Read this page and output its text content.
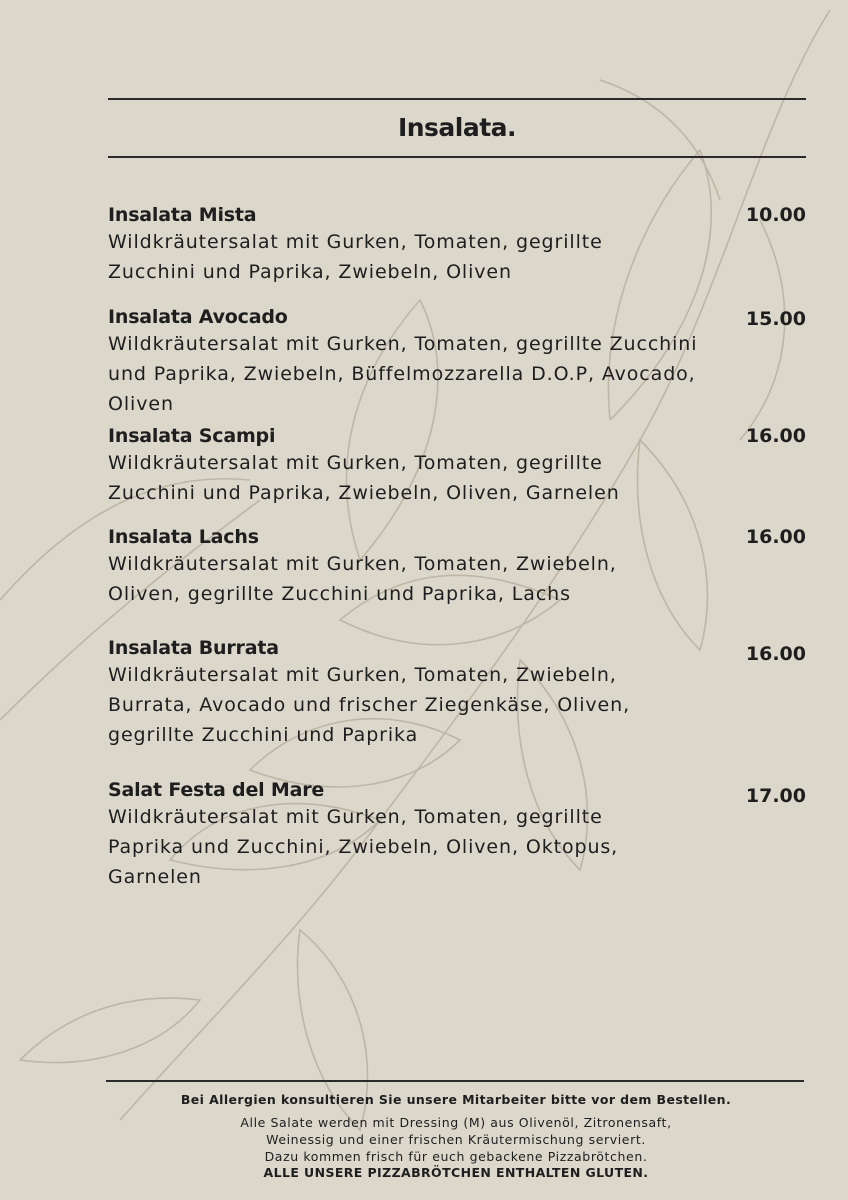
Insalata.
Insalata Mista	10.00
Wildkräutersalat mit Gurken, Tomaten, gegrillte
Zucchini und Paprika, Zwiebeln, Oliven
Insalata Avocado	15.00
Wildkräutersalat mit Gurken, Tomaten, gegrillte Zucchini
und Paprika, Zwiebeln, Büffelmozzarella D.O.P, Avocado,
Oliven
Insalata Scampi	16.00
Wildkräutersalat mit Gurken, Tomaten, gegrillte
Zucchini und Paprika, Zwiebeln, Oliven, Garnelen
Insalata Lachs	16.00
Wildkräutersalat mit Gurken, Tomaten, Zwiebeln,
Oliven, gegrillte Zucchini und Paprika, Lachs
Insalata Burrata	16.00
Wildkräutersalat mit Gurken, Tomaten, Zwiebeln,
Burrata, Avocado und frischer Ziegenkäse, Oliven,
gegrillte Zucchini und Paprika
Salat Festa del Mare	17.00
Wildkräutersalat mit Gurken, Tomaten, gegrillte
Paprika und Zucchini, Zwiebeln, Oliven, Oktopus,
Garnelen
Bei Allergien konsultieren Sie unsere Mitarbeiter bitte vor dem Bestellen.
Alle Salate werden mit Dressing (M) aus Olivenöl, Zitronensaft,
Weinessig und einer frischen Kräutermischung serviert.
Dazu kommen frisch für euch gebackene Pizzabrötchen.
ALLE UNSERE PIZZABRÖTCHEN ENTHALTEN GLUTEN.
